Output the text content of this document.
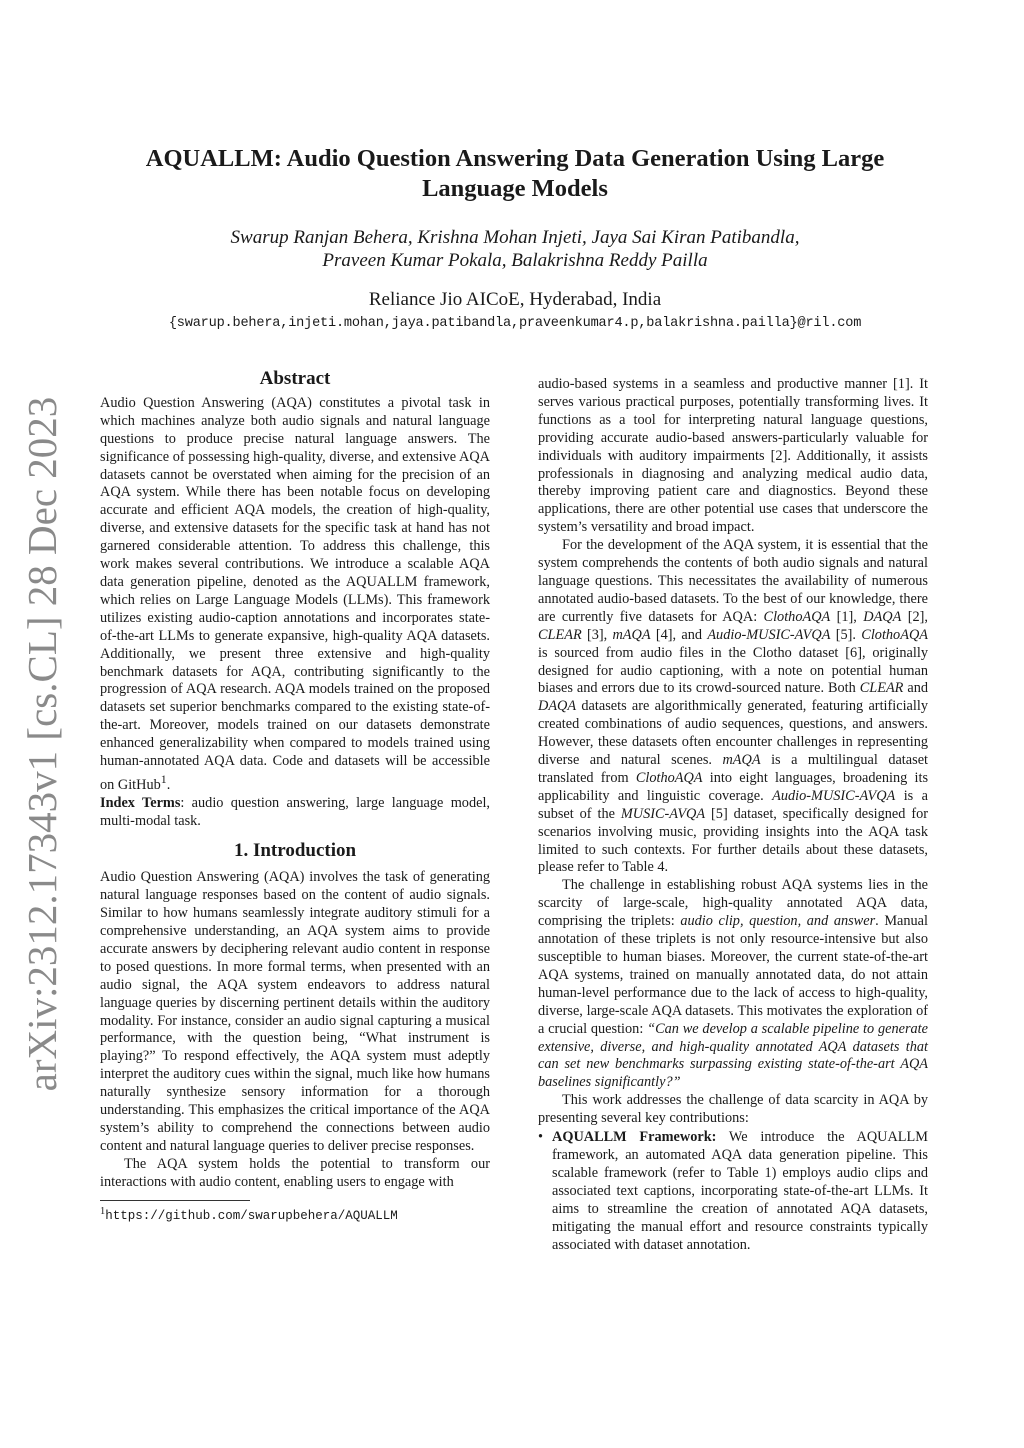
arXiv:2312.17343v1 [cs.CL] 28 Dec 2023
AQUALLM: Audio Question Answering Data Generation Using Large Language Models
Swarup Ranjan Behera, Krishna Mohan Injeti, Jaya Sai Kiran Patibandla,
Praveen Kumar Pokala, Balakrishna Reddy Pailla
Reliance Jio AICoE, Hyderabad, India
{swarup.behera,injeti.mohan,jaya.patibandla,praveenkumar4.p,balakrishna.pailla}@ril.com
Abstract

Audio Question Answering (AQA) constitutes a pivotal task in which machines analyze both audio signals and natural language questions to produce precise natural language answers. The significance of possessing high-quality, diverse, and extensive AQA datasets cannot be overstated when aiming for the precision of an AQA system. While there has been notable focus on developing accurate and efficient AQA models, the creation of high-quality, diverse, and extensive datasets for the specific task at hand has not garnered considerable attention. To address this challenge, this work makes several contributions. We introduce a scalable AQA data generation pipeline, denoted as the AQUALLM framework, which relies on Large Language Models (LLMs). This framework utilizes existing audio-caption annotations and incorporates state-of-the-art LLMs to generate expansive, high-quality AQA datasets. Additionally, we present three extensive and high-quality benchmark datasets for AQA, contributing significantly to the progression of AQA research. AQA models trained on the proposed datasets set superior benchmarks compared to the existing state-of-the-art. Moreover, models trained on our datasets demonstrate enhanced generalizability when compared to models trained using human-annotated AQA data. Code and datasets will be accessible on GitHub$^1$.

Index Terms: audio question answering, large language model, multi-modal task.

1. Introduction

Audio Question Answering (AQA) involves the task of generating natural language responses based on the content of audio signals. Similar to how humans seamlessly integrate auditory stimuli for a comprehensive understanding, an AQA system aims to provide accurate answers by deciphering relevant audio content in response to posed questions. In more formal terms, when presented with an audio signal, the AQA system endeavors to address natural language queries by discerning pertinent details within the auditory modality. For instance, consider an audio signal capturing a musical performance, with the question being, “What instrument is playing?” To respond effectively, the AQA system must adeptly interpret the auditory cues within the signal, much like how humans naturally synthesize sensory information for a thorough understanding. This emphasizes the critical importance of the AQA system’s ability to comprehend the connections between audio content and natural language queries to deliver precise responses.

The AQA system holds the potential to transform our interactions with audio content, enabling users to engage with

$^1$https://github.com/swarupbehera/AQUALLM

audio-based systems in a seamless and productive manner [1]. It serves various practical purposes, potentially transforming lives. It functions as a tool for interpreting natural language questions, providing accurate audio-based answers-particularly valuable for individuals with auditory impairments [2]. Additionally, it assists professionals in diagnosing and analyzing medical audio data, thereby improving patient care and diagnostics. Beyond these applications, there are other potential use cases that underscore the system’s versatility and broad impact.

For the development of the AQA system, it is essential that the system comprehends the contents of both audio signals and natural language questions. This necessitates the availability of numerous annotated audio-based datasets. To the best of our knowledge, there are currently five datasets for AQA: ClothoAQA [1], DAQA [2], CLEAR [3], mAQA [4], and Audio-MUSIC-AVQA [5]. ClothoAQA is sourced from audio files in the Clotho dataset [6], originally designed for audio captioning, with a note on potential human biases and errors due to its crowd-sourced nature. Both CLEAR and DAQA datasets are algorithmically generated, featuring artificially created combinations of audio sequences, questions, and answers. However, these datasets often encounter challenges in representing diverse and natural scenes. mAQA is a multilingual dataset translated from ClothoAQA into eight languages, broadening its applicability and linguistic coverage. Audio-MUSIC-AVQA is a subset of the MUSIC-AVQA [5] dataset, specifically designed for scenarios involving music, providing insights into the AQA task limited to such contexts. For further details about these datasets, please refer to Table 4.

The challenge in establishing robust AQA systems lies in the scarcity of large-scale, high-quality annotated AQA data, comprising the triplets: audio clip, question, and answer. Manual annotation of these triplets is not only resource-intensive but also susceptible to human biases. Moreover, the current state-of-the-art AQA systems, trained on manually annotated data, do not attain human-level performance due to the lack of access to high-quality, diverse, large-scale AQA datasets. This motivates the exploration of a crucial question: “Can we develop a scalable pipeline to generate extensive, diverse, and high-quality annotated AQA datasets that can set new benchmarks surpassing existing state-of-the-art AQA baselines significantly?”

This work addresses the challenge of data scarcity in AQA by presenting several key contributions:

• AQUALLM Framework: We introduce the AQUALLM framework, an automated AQA data generation pipeline. This scalable framework (refer to Table 1) employs audio clips and associated text captions, incorporating state-of-the-art LLMs. It aims to streamline the creation of annotated AQA datasets, mitigating the manual effort and resource constraints typically associated with dataset annotation.
